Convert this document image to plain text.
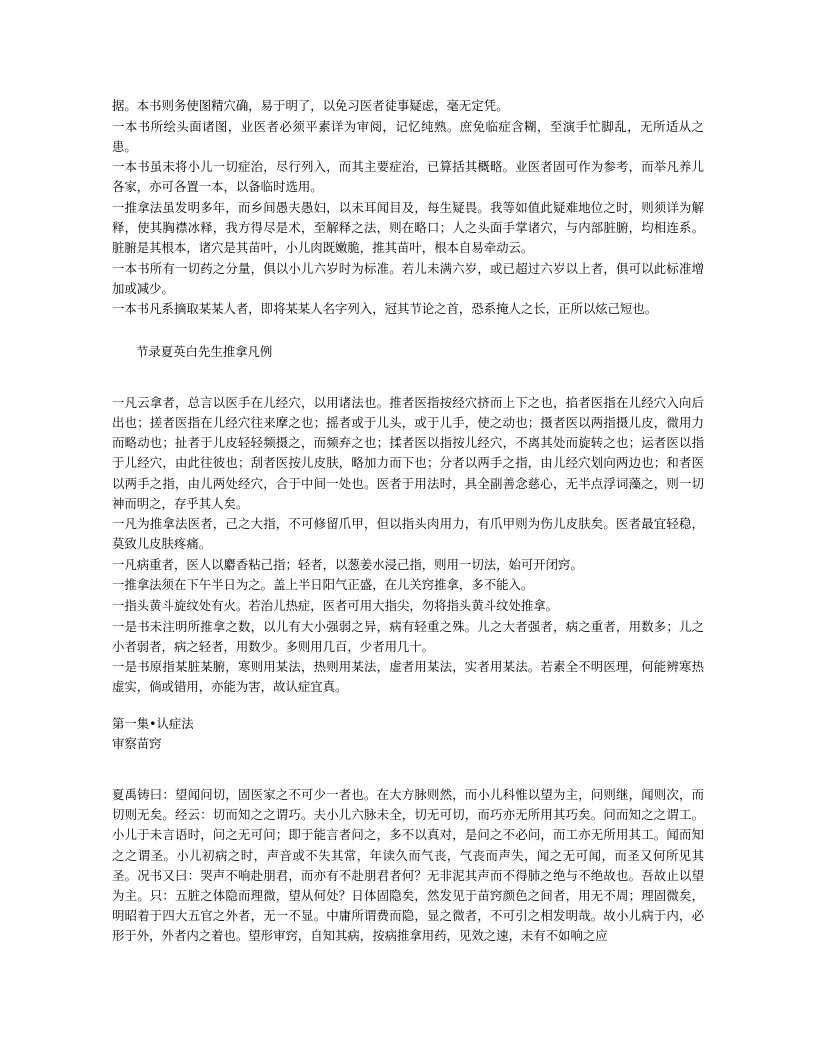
据。本书则务使图精穴确，易于明了，以免习医者徒事疑虑，毫无定凭。

一本书所绘头面诸图，业医者必须平素详为审阅，记忆纯熟。庶免临症含糊，至演手忙脚乱，无所适从之患。

一本书虽未将小儿一切症治，尽行列入，而其主要症治，已算括其概略。业医者固可作为参考，而举凡养儿各家，亦可各置一本，以备临时选用。

一推拿法虽发明多年，而乡间愚夫愚妇，以未耳闻目及，每生疑畏。我等如值此疑难地位之时，则须详为解释，使其胸襟冰释，我方得尽是术，至解释之法，则在略口；人之头面手掌诸穴，与内部脏腑，均相连系。脏腑是其根本，诸穴是其苗叶，小儿肉既嫩脆，推其苗叶，根本自易牵动云。

一本书所有一切药之分量，俱以小儿六岁时为标准。若儿未满六岁，或已超过六岁以上者，俱可以此标准增加或减少。

一本书凡系摘取某某人者，即将某某人名字列入，冠其节论之首，恐系掩人之长，正所以炫己短也。

节录夏英白先生推拿凡例

一凡云拿者，总言以医手在儿经穴，以用诸法也。推者医指按经穴挤而上下之也，掐者医指在儿经穴入向后出也；搓者医指在儿经穴往来摩之也；摇者或于儿头，或于儿手，使之动也；摄者医以两指摄儿皮，微用力而略动也；扯者于儿皮轻轻频摄之，而频弃之也；揉者医以指按儿经穴，不离其处而旋转之也；运者医以指于儿经穴，由此往彼也；刮者医按儿皮肤，略加力而下也；分者以两手之指，由儿经穴划向两边也；和者医以两手之指，由儿两处经穴，合于中间一处也。医者于用法时，具全副善念慈心，无半点浮词藻之，则一切神而明之，存乎其人矣。

一凡为推拿法医者，己之大指，不可修留爪甲，但以指头肉用力，有爪甲则为伤儿皮肤矣。医者最宜轻稳，莫致儿皮肤疼痛。

一凡病重者，医人以麝香粘己指；轻者，以葱姜水浸己指，则用一切法，始可开闭窍。

一推拿法须在下午半日为之。盖上半日阳气正盛，在儿关窍推拿，多不能入。

一指头黄斗旋纹处有火。若治儿热症，医者可用大指尖，勿将指头黄斗纹处推拿。

一是书未注明所推拿之数，以儿有大小强弱之异，病有轻重之殊。儿之大者强者，病之重者，用数多；儿之小者弱者，病之轻者，用数少。多则用几百，少者用几十。

一是书原指某脏某腑，寒则用某法，热则用某法，虚者用某法，实者用某法。若素全不明医理，何能辨寒热虚实，倘或错用，亦能为害，故认症宜真。

第一集•认症法
审察苗窍

夏禹铸曰：望闻问切，固医家之不可少一者也。在大方脉则然，而小儿科惟以望为主，问则继，闻则次，而切则无矣。经云：切而知之之谓巧。夫小儿六脉未全，切无可切，而巧亦无所用其巧矣。问而知之之谓工。小儿于未言语时，问之无可问；即于能言者问之，多不以真对，是问之不必问，而工亦无所用其工。闻而知之之谓圣。小儿初病之时，声音或不失其常，年读久而气丧，气丧而声失，闻之无可闻，而圣又何所见其圣。况书又曰：哭声不响赴朋君，而亦有不赴朋君者何？无非泥其声而不得肺之绝与不绝故也。吾故止以望为主。只：五脏之体隐而理微，望从何处？日体固隐矣，然发见于苗窍颜色之间者，用无不周；理固微矣，明昭着于四大五官之外者，无一不显。中庸所谓费而隐，显之微者，不可引之相发明哉。故小儿病于内，必形于外，外者内之着也。望形审窍，自知其病，按病推拿用药，见效之速，未有不如响之应
